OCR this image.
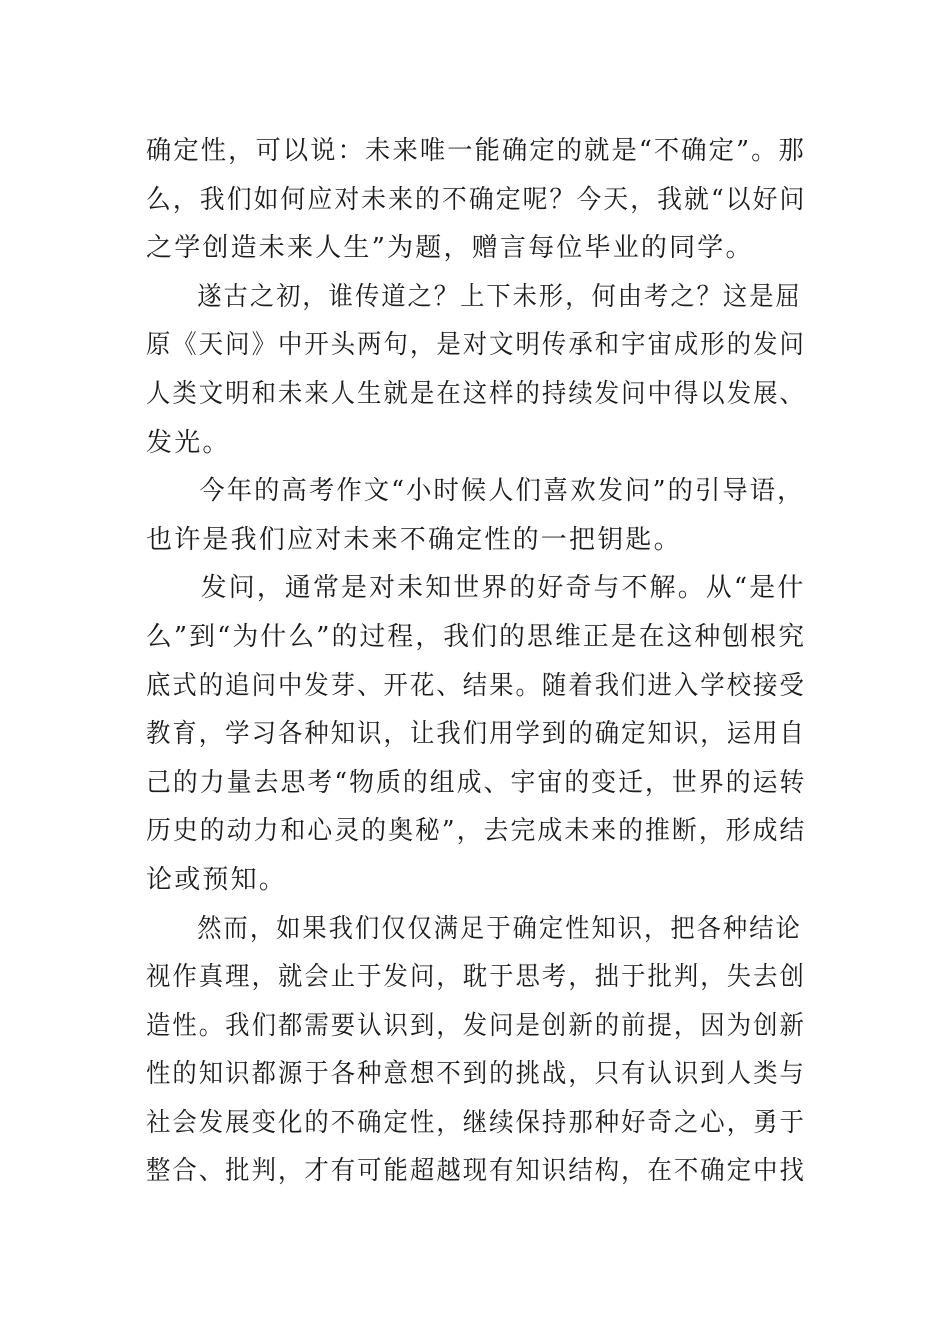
确定性，可以说：未来唯一能确定的就是“不确定”。那
么，我们如何应对未来的不确定呢？今天，我就“以好问
之学创造未来人生”为题，赠言每位毕业的同学。
遂古之初，谁传道之？上下未形，何由考之？这是屈
原《天问》中开头两句，是对文明传承和宇宙成形的发问
人类文明和未来人生就是在这样的持续发问中得以发展、
发光。
今年的高考作文“小时候人们喜欢发问”的引导语，
也许是我们应对未来不确定性的一把钥匙。
发问，通常是对未知世界的好奇与不解。从“是什
么”到“为什么”的过程，我们的思维正是在这种刨根究
底式的追问中发芽、开花、结果。随着我们进入学校接受
教育，学习各种知识，让我们用学到的确定知识，运用自
己的力量去思考“物质的组成、宇宙的变迁，世界的运转
历史的动力和心灵的奥秘”，去完成未来的推断，形成结
论或预知。
然而，如果我们仅仅满足于确定性知识，把各种结论
视作真理，就会止于发问，耽于思考，拙于批判，失去创
造性。我们都需要认识到，发问是创新的前提，因为创新
性的知识都源于各种意想不到的挑战，只有认识到人类与
社会发展变化的不确定性，继续保持那种好奇之心，勇于
整合、批判，才有可能超越现有知识结构，在不确定中找
